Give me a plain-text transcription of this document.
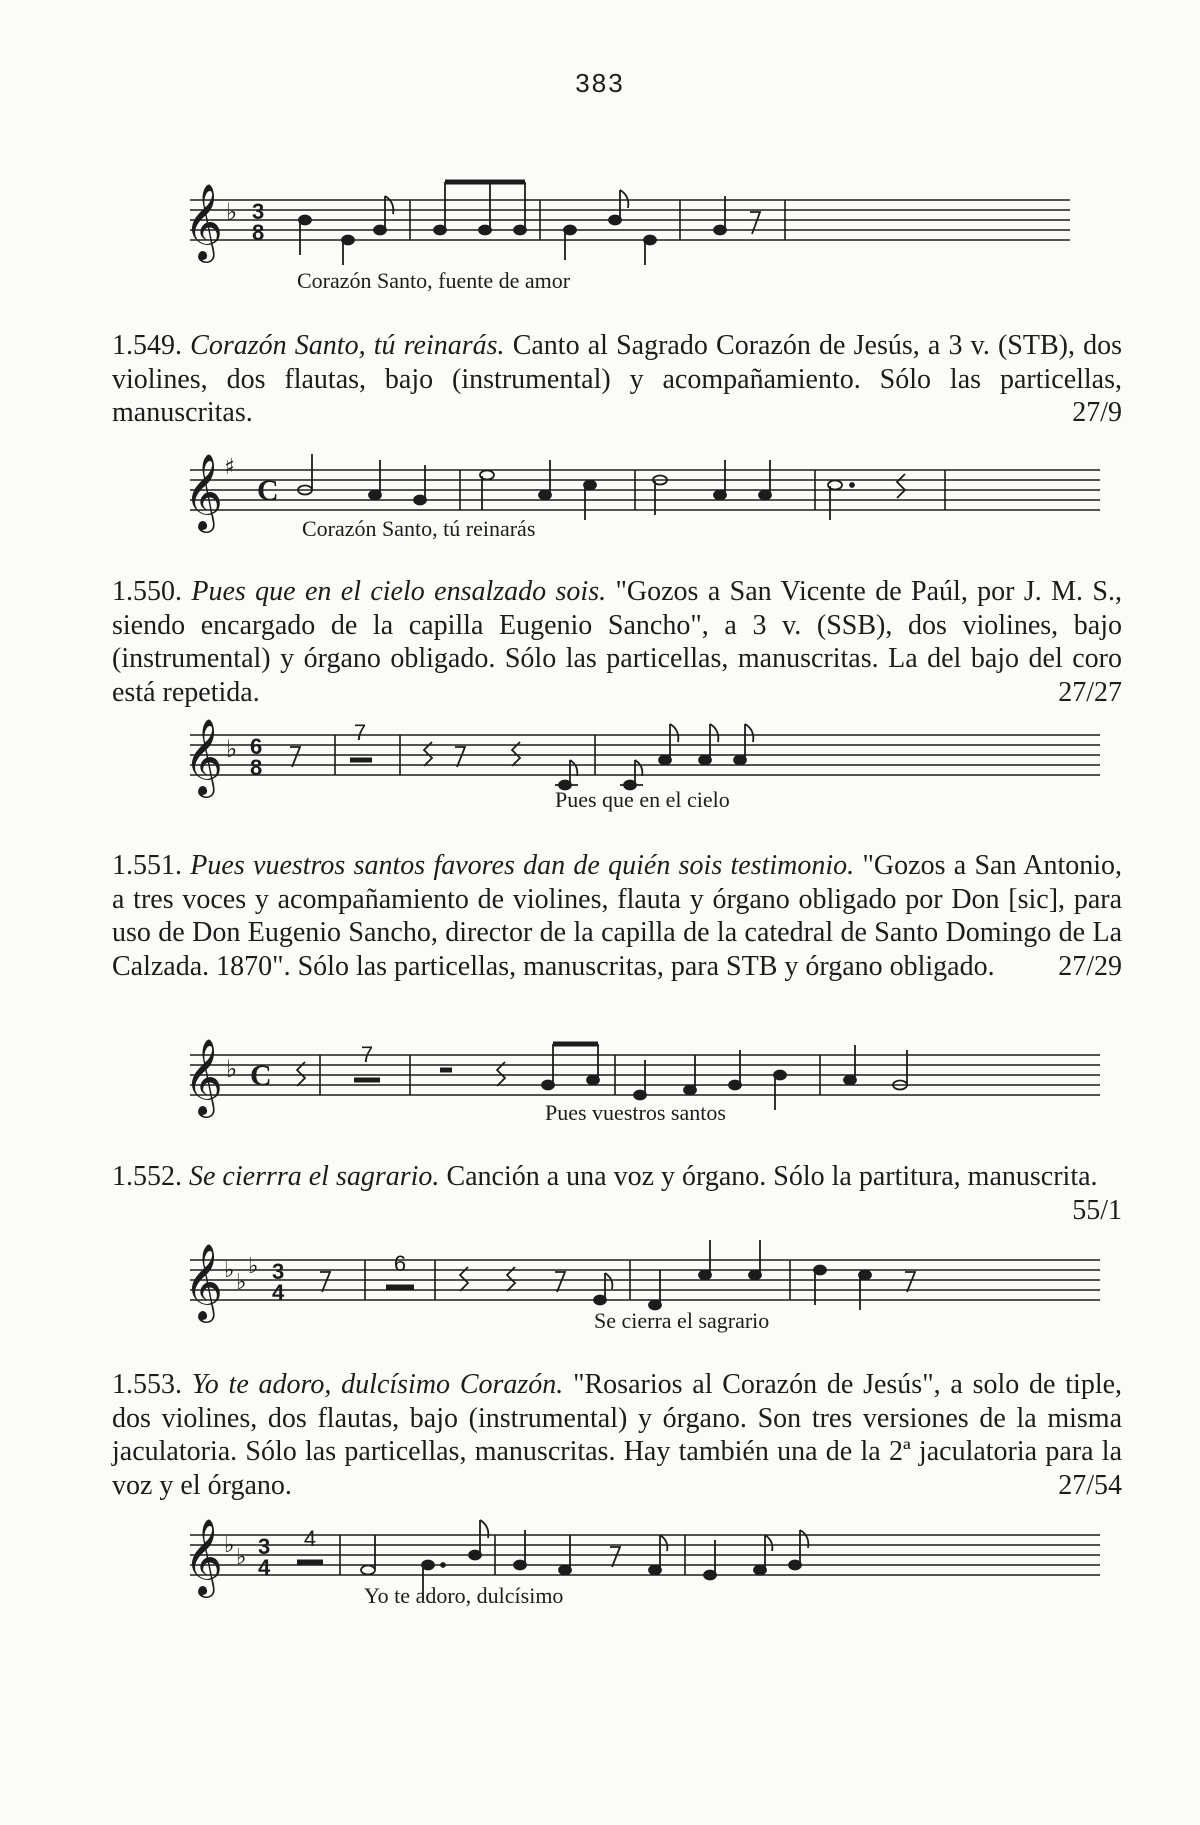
383
𝄞 ♭ 3
8
Corazón Santo, fuente de amor
1.549. Corazón Santo, tú reinarás. Canto al Sagrado Corazón de Jesús, a 3 v. (STB), dos violines, dos flautas, bajo (instrumental) y acompañamiento. Sólo las particellas, manuscritas.	27/9
𝄞 ♯
C
Corazón Santo, tú reinarás
1.550. Pues que en el cielo ensalzado sois. "Gozos a San Vicente de Paúl, por J. M. S., siendo encargado de la capilla Eugenio Sancho", a 3 v. (SSB), dos violines, bajo (instrumental) y órgano obligado. Sólo las particellas, manuscritas. La del bajo del coro está repetida.	27/27
𝄞 ♭ 6
8
7
Pues que en el cielo
1.551. Pues vuestros santos favores dan de quién sois testimonio. "Gozos a San Antonio, a tres voces y acompañamiento de violines, flauta y órgano obligado por Don [sic], para uso de Don Eugenio Sancho, director de la capilla de la catedral de Santo Domingo de La Calzada. 1870". Sólo las particellas, manuscritas, para STB y órgano obligado. 27/29
𝄞 ♭ C
7
Pues vuestros santos
1.552. Se cierrra el sagrario. Canción a una voz y órgano. Sólo la partitura, manuscrita.
55/1
𝄞 ♭ ♭
♭ 3
4
6
Se cierra el sagrario
1.553. Yo te adoro, dulcísimo Corazón. "Rosarios al Corazón de Jesús", a solo de tiple, dos violines, dos flautas, bajo (instrumental) y órgano. Son tres versiones de la misma jaculatoria. Sólo las particellas, manuscritas. Hay también una de la 2ª jaculatoria para la voz y el órgano.	27/54
𝄞 ♭ ♭ 3
4
4
Yo te adoro, dulcísimo
